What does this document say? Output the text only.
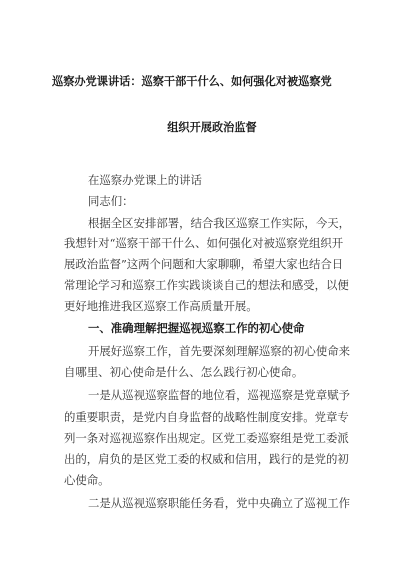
巡察办党课讲话：巡察干部干什么、如何强化对被巡察党
组织开展政治监督
在巡察办党课上的讲话
同志们：
根据全区安排部署，结合我区巡察工作实际，今天，
我想针对“巡察干部干什么、如何强化对被巡察党组织开
展政治监督”这两个问题和大家聊聊，希望大家也结合日
常理论学习和巡察工作实践谈谈自己的想法和感受，以便
更好地推进我区巡察工作高质量开展。
一、准确理解把握巡视巡察工作的初心使命
开展好巡察工作，首先要深刻理解巡察的初心使命来
自哪里、初心使命是什么、怎么践行初心使命。
一是从巡视巡察监督的地位看，巡视巡察是党章赋予
的重要职责，是党内自身监督的战略性制度安排。党章专
列一条对巡视巡察作出规定。区党工委巡察组是党工委派
出的，肩负的是区党工委的权威和信用，践行的是党的初
心使命。
二是从巡视巡察职能任务看，党中央确立了巡视工作
